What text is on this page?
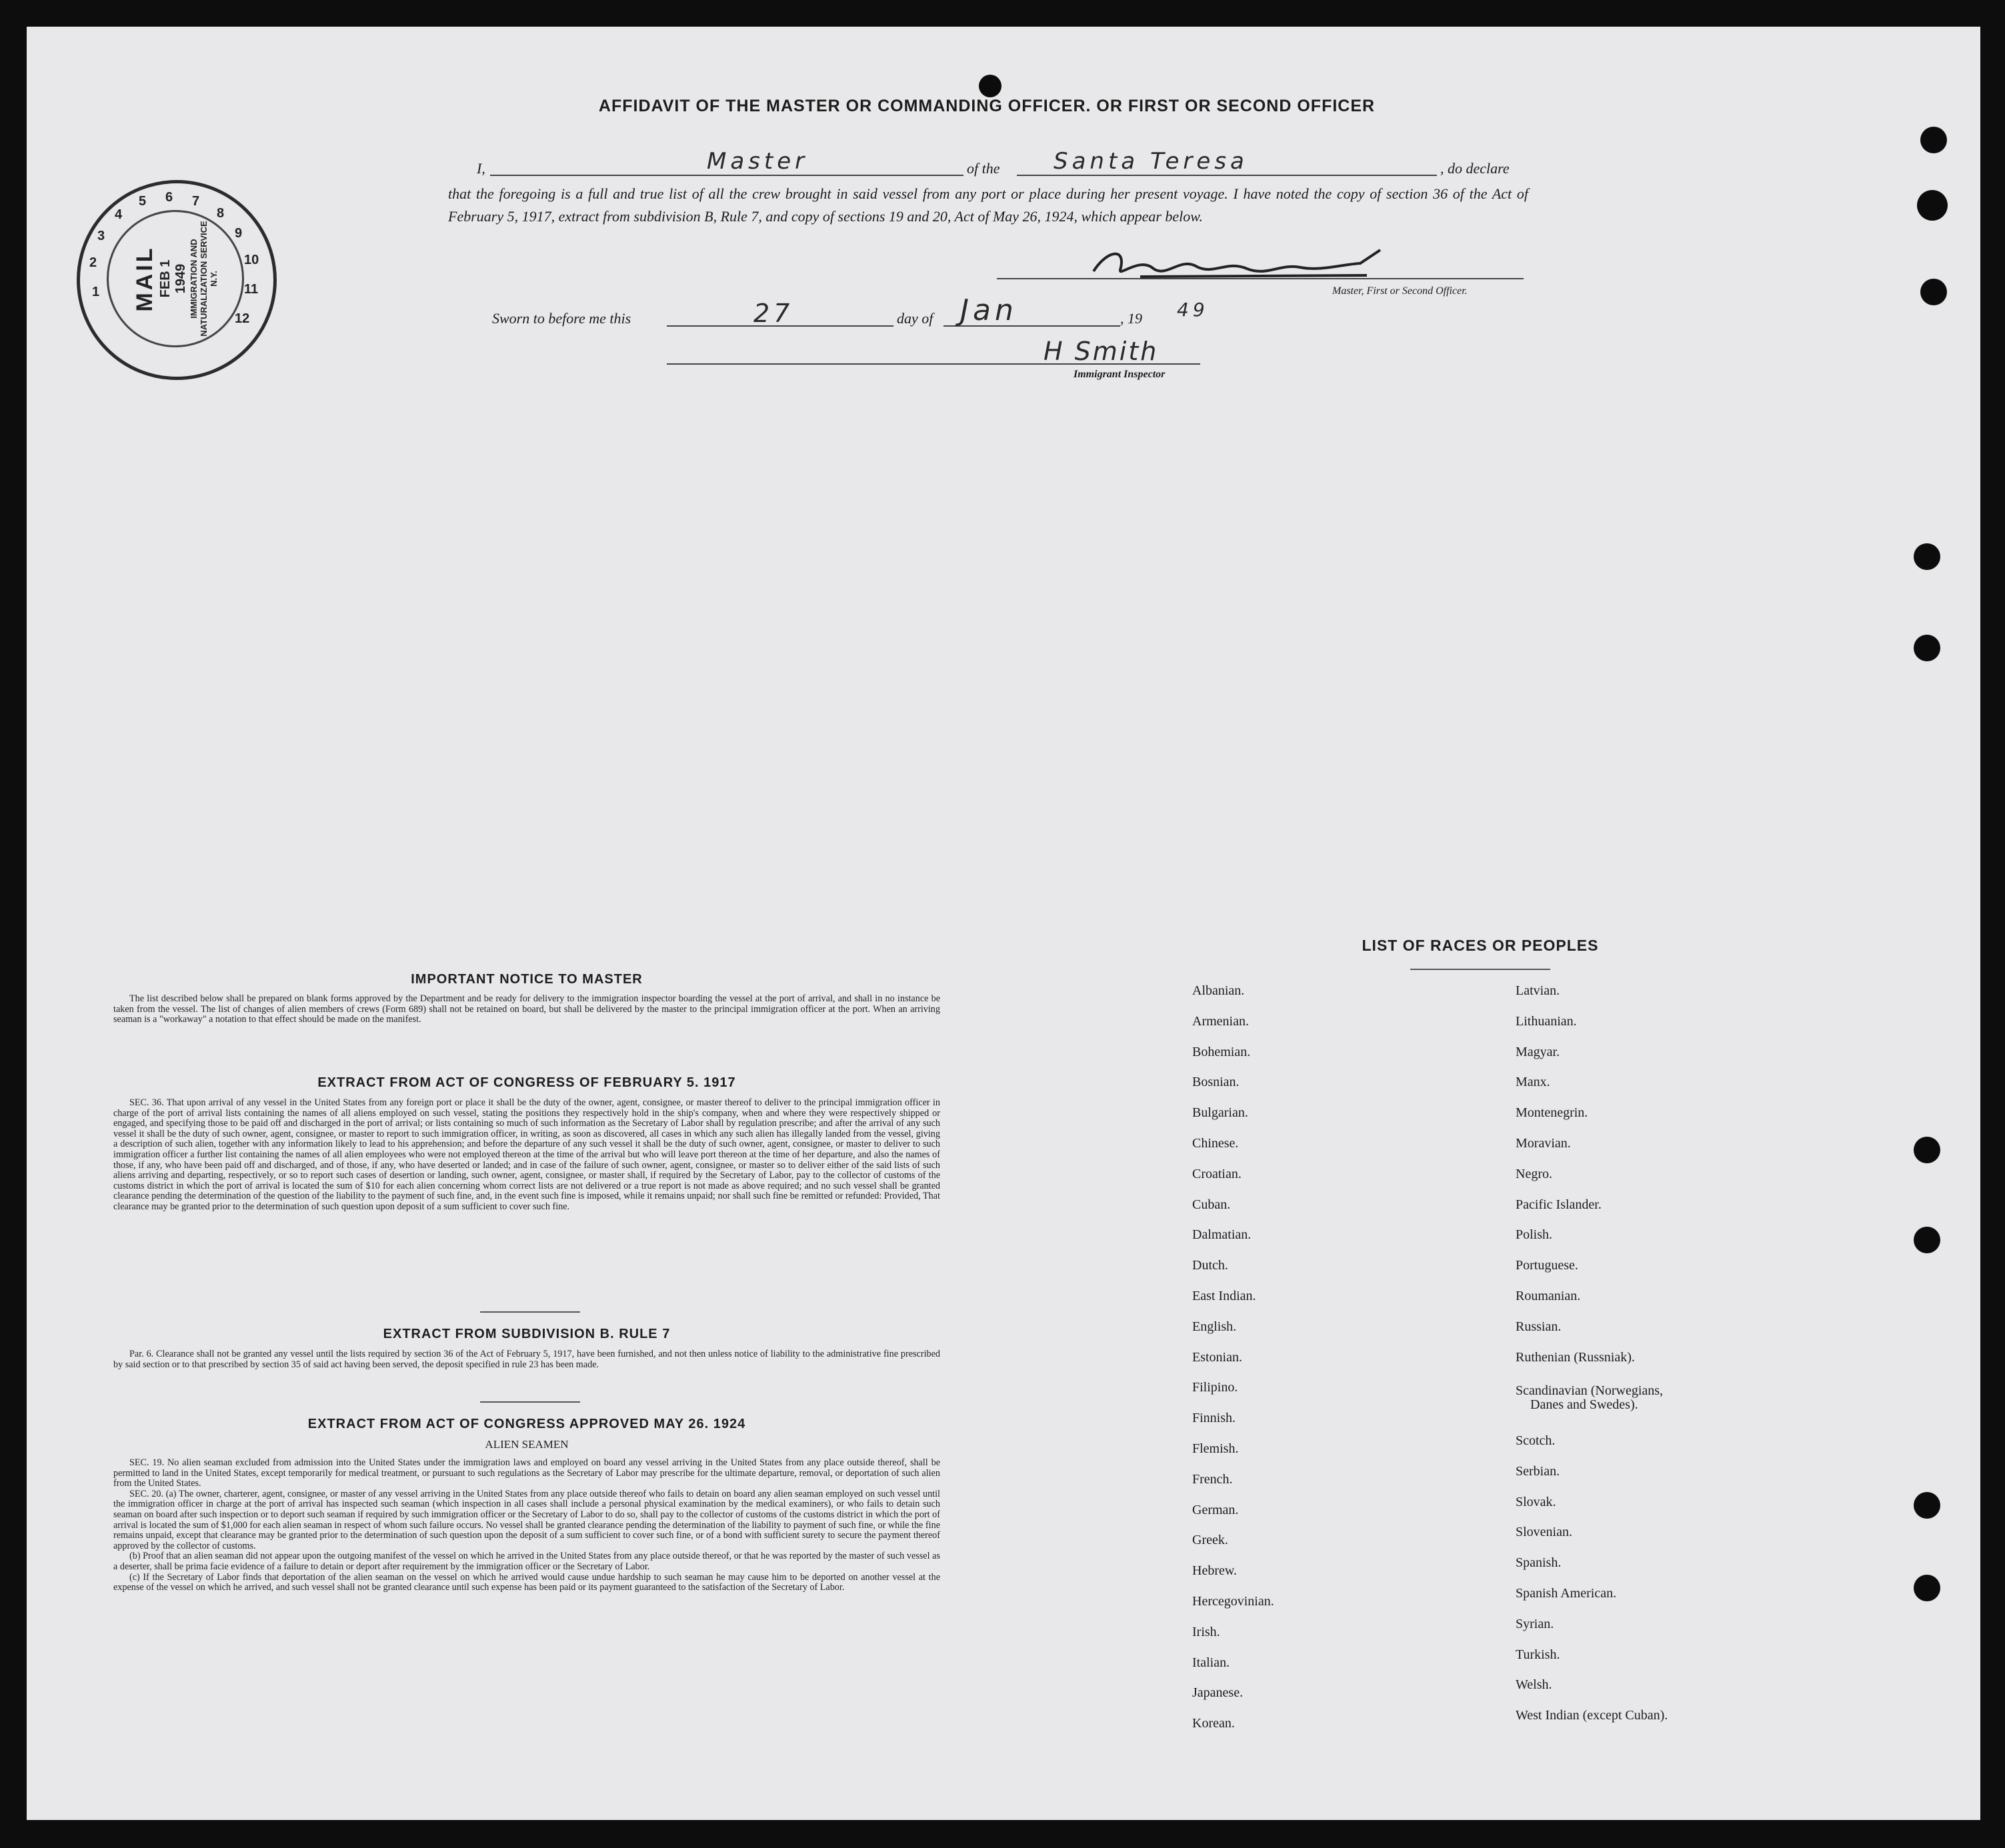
6 7
8
9
10
11
12
5
4
3
2
1 MAIL FEB 1 1949 IMMIGRATION AND NATURALIZATION SERVICE N.Y.
AFFIDAVIT OF THE MASTER OR COMMANDING OFFICER. OR FIRST OR SECOND OFFICER
I,	Master	of the Santa Teresa	, do declare
that the foregoing is a full and true list of all the crew brought in said vessel from any port or place during her present voyage. I have noted the copy of section 36 of the Act of February 5, 1917, extract from subdivision B, Rule 7, and copy of sections 19 and 20, Act of May 26, 1924, which appear below.
Master, First or Second Officer.
Sworn to before me this	27	day of Jan	, 19 49
H Smith
Immigrant Inspector
IMPORTANT NOTICE TO MASTER

The list described below shall be prepared on blank forms approved by the Department and be ready for delivery to the immigration inspector boarding the vessel at the port of arrival, and shall in no instance be taken from the vessel. The list of changes of alien members of crews (Form 689) shall not be retained on board, but shall be delivered by the master to the principal immigration officer at the port. When an arriving seaman is a "workaway" a notation to that effect should be made on the manifest.

EXTRACT FROM ACT OF CONGRESS OF FEBRUARY 5. 1917

SEC. 36. That upon arrival of any vessel in the United States from any foreign port or place it shall be the duty of the owner, agent, consignee, or master thereof to deliver to the principal immigration officer in charge of the port of arrival lists containing the names of all aliens employed on such vessel, stating the positions they respectively hold in the ship's company, when and where they were respectively shipped or engaged, and specifying those to be paid off and discharged in the port of arrival; or lists containing so much of such information as the Secretary of Labor shall by regulation prescribe; and after the arrival of any such vessel it shall be the duty of such owner, agent, consignee, or master to report to such immigration officer, in writing, as soon as discovered, all cases in which any such alien has illegally landed from the vessel, giving a description of such alien, together with any information likely to lead to his apprehension; and before the departure of any such vessel it shall be the duty of such owner, agent, consignee, or master to deliver to such immigration officer a further list containing the names of all alien employees who were not employed thereon at the time of the arrival but who will leave port thereon at the time of her departure, and also the names of those, if any, who have been paid off and discharged, and of those, if any, who have deserted or landed; and in case of the failure of such owner, agent, consignee, or master so to deliver either of the said lists of such aliens arriving and departing, respectively, or so to report such cases of desertion or landing, such owner, agent, consignee, or master shall, if required by the Secretary of Labor, pay to the collector of customs of the customs district in which the port of arrival is located the sum of $10 for each alien concerning whom correct lists are not delivered or a true report is not made as above required; and no such vessel shall be granted clearance pending the determination of the question of the liability to the payment of such fine, and, in the event such fine is imposed, while it remains unpaid; nor shall such fine be remitted or refunded: Provided, That clearance may be granted prior to the determination of such question upon deposit of a sum sufficient to cover such fine.

EXTRACT FROM SUBDIVISION B. RULE 7

Par. 6. Clearance shall not be granted any vessel until the lists required by section 36 of the Act of February 5, 1917, have been furnished, and not then unless notice of liability to the administrative fine prescribed by said section or to that prescribed by section 35 of said act having been served, the deposit specified in rule 23 has been made.

EXTRACT FROM ACT OF CONGRESS APPROVED MAY 26. 1924
ALIEN SEAMEN

SEC. 19. No alien seaman excluded from admission into the United States under the immigration laws and employed on board any vessel arriving in the United States from any place outside thereof, shall be permitted to land in the United States, except temporarily for medical treatment, or pursuant to such regulations as the Secretary of Labor may prescribe for the ultimate departure, removal, or deportation of such alien from the United States.

SEC. 20. (a) The owner, charterer, agent, consignee, or master of any vessel arriving in the United States from any place outside thereof who fails to detain on board any alien seaman employed on such vessel until the immigration officer in charge at the port of arrival has inspected such seaman (which inspection in all cases shall include a personal physical examination by the medical examiners), or who fails to detain such seaman on board after such inspection or to deport such seaman if required by such immigration officer or the Secretary of Labor to do so, shall pay to the collector of customs of the customs district in which the port of arrival is located the sum of $1,000 for each alien seaman in respect of whom such failure occurs. No vessel shall be granted clearance pending the determination of the liability to payment of such fine, or while the fine remains unpaid, except that clearance may be granted prior to the determination of such question upon the deposit of a sum sufficient to cover such fine, or of a bond with sufficient surety to secure the payment thereof approved by the collector of customs.

(b) Proof that an alien seaman did not appear upon the outgoing manifest of the vessel on which he arrived in the United States from any place outside thereof, or that he was reported by the master of such vessel as a deserter, shall be prima facie evidence of a failure to detain or deport after requirement by the immigration officer or the Secretary of Labor.

(c) If the Secretary of Labor finds that deportation of the alien seaman on the vessel on which he arrived would cause undue hardship to such seaman he may cause him to be deported on another vessel at the expense of the vessel on which he arrived, and such vessel shall not be granted clearance until such expense has been paid or its payment guaranteed to the satisfaction of the Secretary of Labor.

LIST OF RACES OR PEOPLES
Albanian.
Armenian.
Bohemian.
Bosnian.
Bulgarian.
Chinese.
Croatian.
Cuban.
Dalmatian.
Dutch.
East Indian.
English.
Estonian.
Filipino.
Finnish.
Flemish.
French.
German.
Greek.
Hebrew.
Hercegovinian.
Irish.
Italian.
Japanese.
Korean.
Latvian.
Lithuanian.
Magyar.
Manx.
Montenegrin.
Moravian.
Negro.
Pacific Islander.
Polish.
Portuguese.
Roumanian.
Russian.
Ruthenian (Russniak).
Scandinavian (Norwegians,
Danes and Swedes).
Scotch.
Serbian.
Slovak.
Slovenian.
Spanish.
Spanish American.
Syrian.
Turkish.
Welsh.
West Indian (except Cuban).
